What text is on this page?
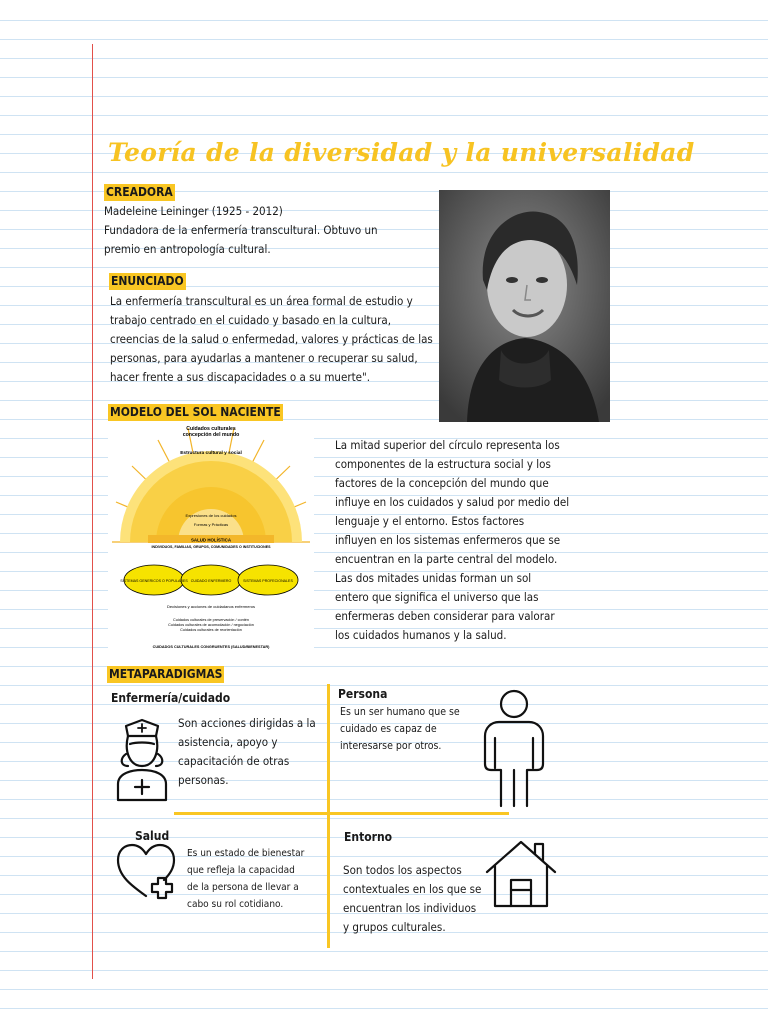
Teoría de la diversidad y la universalidad
CREADORA
Madeleine Leininger (1925 - 2012)
Fundadora de la enfermería transcultural. Obtuvo un
premio en antropología cultural.
ENUNCIADO
La enfermería transcultural es un área formal de estudio y
trabajo centrado en el cuidado y basado en la cultura,
creencias de la salud o enfermedad, valores y prácticas de las
personas, para ayudarlas a mantener o recuperar su salud,
hacer frente a sus discapacidades o a su muerte".
MODELO DEL SOL NACIENTE
Cuidados culturales
concepción del mundo
Estructura cultural y social
Expresiones de los cuidados
Formas y Prácticas
SALUD HOLÍSTICA
INDIVIDUOS, FAMILIAS, GRUPOS, COMUNIDADES O INSTITUCIONES
SISTEMAS GENERICOS O POPULARES CUIDADO ENFERMERO	SISTEMAS PROFECIONALES
Decisiones y acciones de cuidadanos enfermeros
Cuidados culturales de preservación / contén
Cuidados culturales de acomodación / negociación
Cuidados culturales de reorientación
CUIDADOS CULTURALES CONGRUENTES (SALUD/BIENESTAR)
La mitad superior del círculo representa los
componentes de la estructura social y los
factores de la concepción del mundo que
influye en los cuidados y salud por medio del
lenguaje y el entorno. Estos factores
influyen en los sistemas enfermeros que se
encuentran en la parte central del modelo.
Las dos mitades unidas forman un sol
entero que significa el universo que las
enfermeras deben considerar para valorar
los cuidados humanos y la salud.
METAPARADIGMAS
Enfermería/cuidado
Son acciones dirigidas a la
asistencia, apoyo y
capacitación de otras
personas.
Persona
Es un ser humano que se
cuidado es capaz de
interesarse por otros.
Salud
Es un estado de bienestar
que refleja la capacidad
de la persona de llevar a
cabo su rol cotidiano.
Entorno
Son todos los aspectos
contextuales en los que se
encuentran los individuos
y grupos culturales.
